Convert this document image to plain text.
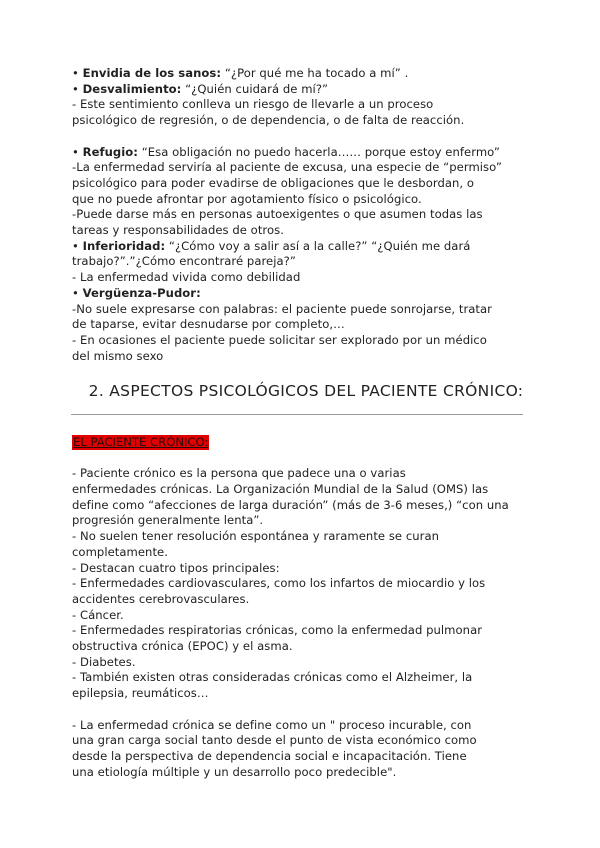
• Envidia de los sanos: “¿Por qué me ha tocado a mí” .
• Desvalimiento: “¿Quién cuidará de mí?”
- Este sentimiento conlleva un riesgo de llevarle a un proceso
psicológico de regresión, o de dependencia, o de falta de reacción.
• Refugio: “Esa obligación no puedo hacerla…… porque estoy enfermo”
-La enfermedad serviría al paciente de excusa, una especie de “permiso”
psicológico para poder evadirse de obligaciones que le desbordan, o
que no puede afrontar por agotamiento físico o psicológico.
-Puede darse más en personas autoexigentes o que asumen todas las
tareas y responsabilidades de otros.
• Inferioridad: “¿Cómo voy a salir así a la calle?” “¿Quién me dará
trabajo?”.”¿Cómo encontraré pareja?”
- La enfermedad vivida como debilidad
• Vergüenza-Pudor:
-No suele expresarse con palabras: el paciente puede sonrojarse, tratar
de taparse, evitar desnudarse por completo,…
- En ocasiones el paciente puede solicitar ser explorado por un médico
del mismo sexo
2. ASPECTOS PSICOLÓGICOS DEL PACIENTE CRÓNICO:
EL PACIENTE CRÓNICO:
- Paciente crónico es la persona que padece una o varias
enfermedades crónicas. La Organización Mundial de la Salud (OMS) las
define como “afecciones de larga duración” (más de 3-6 meses,) “con una
progresión generalmente lenta”.
- No suelen tener resolución espontánea y raramente se curan
completamente.
- Destacan cuatro tipos principales:
- Enfermedades cardiovasculares, como los infartos de miocardio y los
accidentes cerebrovasculares.
- Cáncer.
- Enfermedades respiratorias crónicas, como la enfermedad pulmonar
obstructiva crónica (EPOC) y el asma.
- Diabetes.
- También existen otras consideradas crónicas como el Alzheimer, la
epilepsia, reumáticos…
- La enfermedad crónica se define como un " proceso incurable, con
una gran carga social tanto desde el punto de vista económico como
desde la perspectiva de dependencia social e incapacitación. Tiene
una etiología múltiple y un desarrollo poco predecible".
